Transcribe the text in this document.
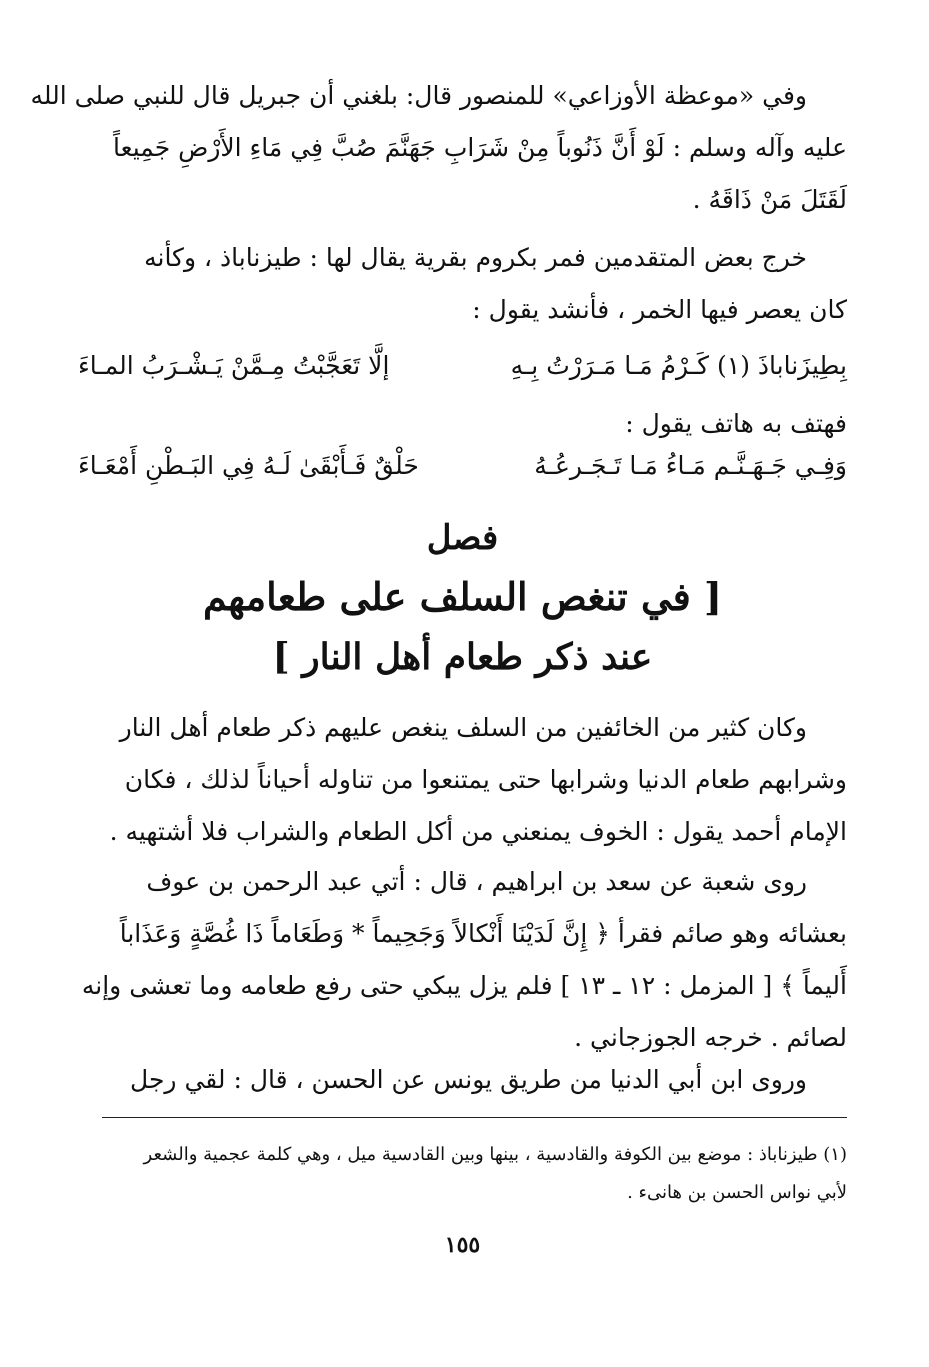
وفي «موعظة الأوزاعي» للمنصور قال: بلغني أن جبريل قال للنبي صلى الله
عليه وآله وسلم : لَوْ أَنَّ ذَنُوباً مِنْ شَرَابِ جَهَنَّمَ صُبَّ فِي مَاءِ الأَرْضِ جَمِيعاً
لَقَتَلَ مَنْ ذَاقَهُ .
خرج بعض المتقدمين فمر بكروم بقرية يقال لها : طيزناباذ ، وكأنه
كان يعصر فيها الخمر ، فأنشد يقول :
بِطِيزَناباذَ (١) كَـرْمُ مَـا مَـرَرْتُ بِـهِ
إلَّا تَعَجَّبْتُ مِـمَّنْ يَـشْـرَبُ المـاءَ
فهتف به هاتف يقول :
وَفِـي جَـهَـنَّـم مَـاءُ مَـا تَـجَـرعُـهُ
حَلْقٌ فَـأَبْقَىٰ لَـهُ فِي البَـطْنِ أَمْعَـاءَ
فصل
[ في تنغص السلف على طعامهم
عند ذكر طعام أهل النار ]
وكان كثير من الخائفين من السلف ينغص عليهم ذكر طعام أهل النار
وشرابهم طعام الدنيا وشرابها حتى يمتنعوا من تناوله أحياناً لذلك ، فكان
الإمام أحمد يقول : الخوف يمنعني من أكل الطعام والشراب فلا أشتهيه .
روى شعبة عن سعد بن ابراهيم ، قال : أتي عبد الرحمن بن عوف
بعشائه وهو صائم فقرأ ﴿ إِنَّ لَدَيْنَا أَنْكالاً وَجَحِيماً * وَطَعَاماً ذَا غُصَّةٍ وَعَذَاباً
أَليماً ﴾ [ المزمل : ١٢ ـ ١٣ ] فلم يزل يبكي حتى رفع طعامه وما تعشى وإنه
لصائم . خرجه الجوزجاني .
وروى ابن أبي الدنيا من طريق يونس عن الحسن ، قال : لقي رجل
(١) طيزناباذ : موضع بين الكوفة والقادسية ، بينها وبين القادسية ميل ، وهي كلمة عجمية والشعر
لأبي نواس الحسن بن هانىء .
١٥٥
